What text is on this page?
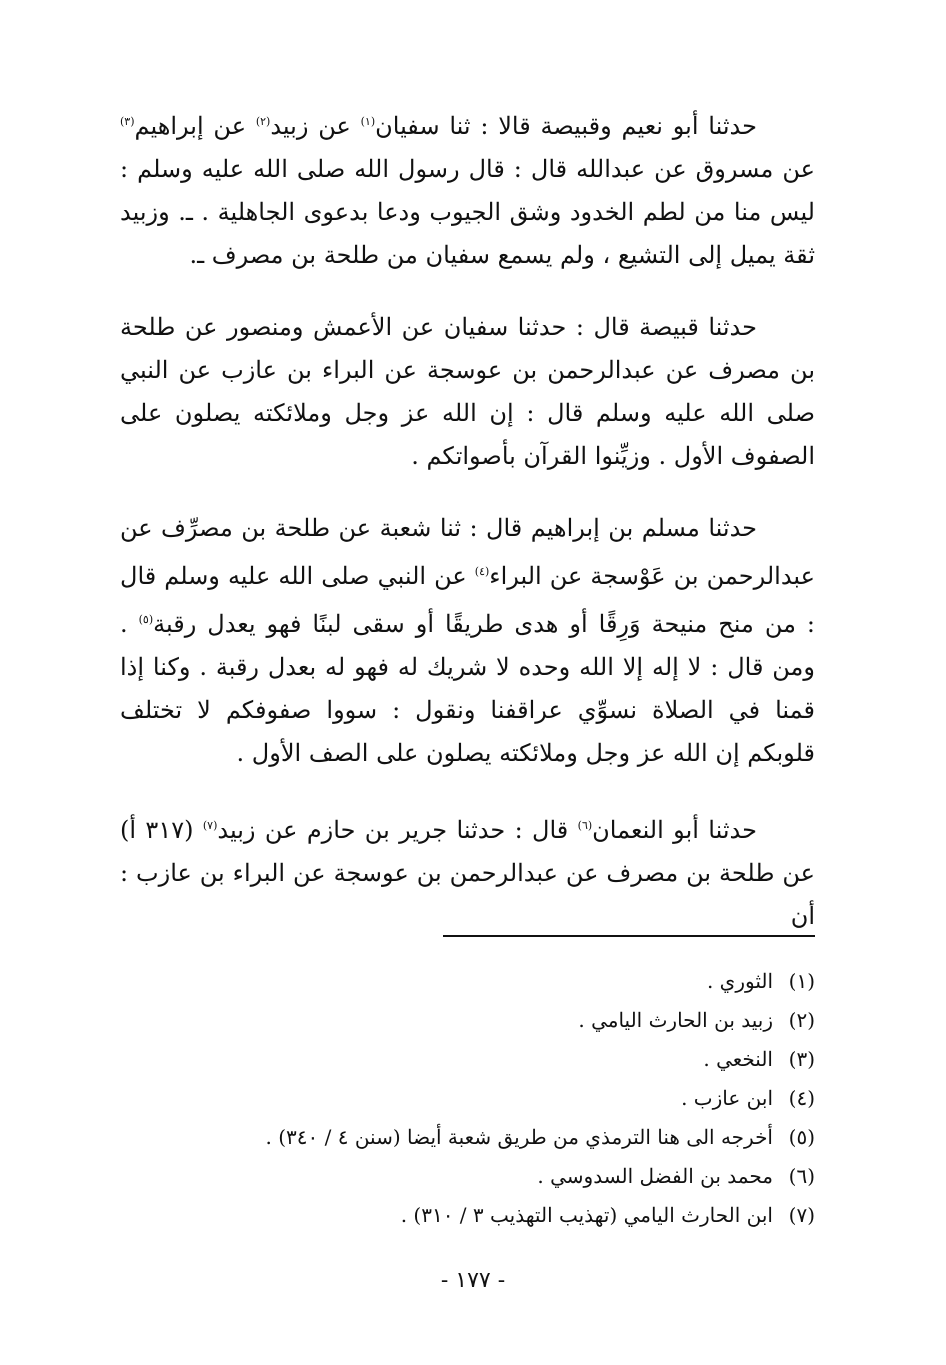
حدثنا أبو نعيم وقبيصة قالا : ثنا سفيان$^{(١)}$ عن زبيد$^{(٢)}$ عن إبراهيم$^{(٣)}$ عن مسروق عن عبدالله قال : قال رسول الله صلى الله عليه وسلم : ليس منا من لطم الخدود وشق الجيوب ودعا بدعوى الجاهلية . ـ. وزبيد ثقة يميل إلى التشيع ، ولم يسمع سفيان من طلحة بن مصرف ـ.

حدثنا قبيصة قال : حدثنا سفيان عن الأعمش ومنصور عن طلحة بن مصرف عن عبدالرحمن بن عوسجة عن البراء بن عازب عن النبي صلى الله عليه وسلم قال : إن الله عز وجل وملائكته يصلون على الصفوف الأول . وزيِّنوا القرآن بأصواتكم .

حدثنا مسلم بن إبراهيم قال : ثنا شعبة عن طلحة بن مصرِّف عن عبدالرحمن بن عَوْسجة عن البراء$^{(٤)}$ عن النبي صلى الله عليه وسلم قال : من منح منيحة وَرِقًا أو هدى طريقًا أو سقى لبنًا فهو يعدل رقبة$^{(٥)}$ . ومن قال : لا إله إلا الله وحده لا شريك له فهو له بعدل رقبة . وكنا إذا قمنا في الصلاة نسوِّي عراقفنا ونقول : سووا صفوفكم لا تختلف قلوبكم إن الله عز وجل وملائكته يصلون على الصف الأول .

حدثنا أبو النعمان$^{(٦)}$ قال : حدثنا جرير بن حازم عن زبيد$^{(٧)}$ (٣١٧ أ) عن طلحة بن مصرف عن عبدالرحمن بن عوسجة عن البراء بن عازب : أن

(١)
الثوري .
(٢)
زبيد بن الحارث اليامي .
(٣)
النخعي .
(٤)
ابن عازب .
(٥)
أخرجه الى هنا الترمذي من طريق شعبة أيضا (سنن ٤ / ٣٤٠) .
(٦)
محمد بن الفضل السدوسي .
(٧)
ابن الحارث اليامي (تهذيب التهذيب ٣ / ٣١٠) .
- ١٧٧ -
